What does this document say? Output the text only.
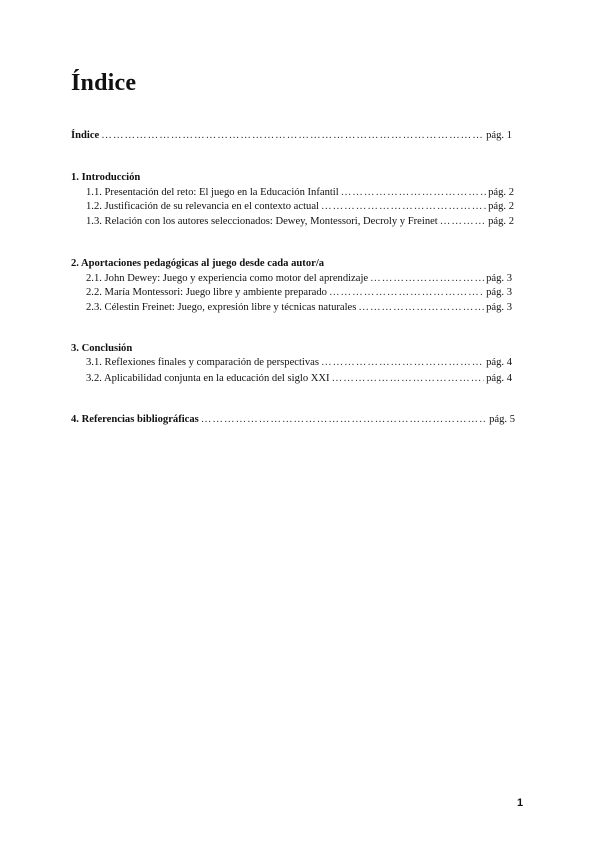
Índice
Índice ……………………………………………………………………………………………………………………………………………………………………………	pág. 1
1. Introducción
1.1. Presentación del reto: El juego en la Educación Infantil ……………………………………………………………………………………………………………………………………………………………………………	pág. 2
1.2. Justificación de su relevancia en el contexto actual ……………………………………………………………………………………………………………………………………………………………………………	pág. 2
1.3. Relación con los autores seleccionados: Dewey, Montessori, Decroly y Freinet ……………………………………………………………………………………………………………………………………………………………………………	pág. 2
2. Aportaciones pedagógicas al juego desde cada autor/a
2.1. John Dewey: Juego y experiencia como motor del aprendizaje ……………………………………………………………………………………………………………………………………………………………………………	pág. 3
2.2. María Montessori: Juego libre y ambiente preparado ……………………………………………………………………………………………………………………………………………………………………………	pág. 3
2.3. Célestin Freinet: Juego, expresión libre y técnicas naturales ……………………………………………………………………………………………………………………………………………………………………………	pág. 3
3. Conclusión
3.1. Reflexiones finales y comparación de perspectivas ……………………………………………………………………………………………………………………………………………………………………………	pág. 4
3.2. Aplicabilidad conjunta en la educación del siglo XXI ……………………………………………………………………………………………………………………………………………………………………………	pág. 4
4. Referencias bibliográficas ……………………………………………………………………………………………………………………………………………………………………………	pág. 5
1
